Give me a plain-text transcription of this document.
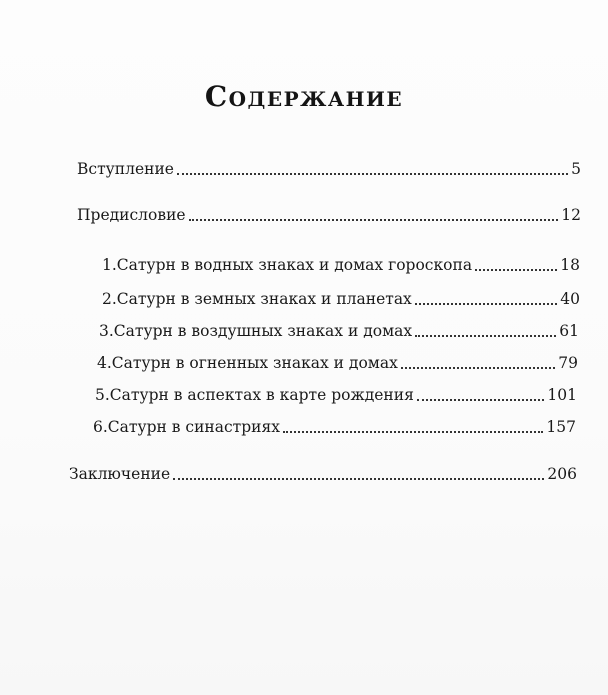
Содержание
Вступление	5
Предисловие	12
1.Сатурн в водных знаках и домах гороскопа	18
2.Сатурн в земных знаках и планетах	40
3.Сатурн в воздушных знаках и домах	61
4.Сатурн в огненных знаках и домах	79
5.Сатурн в аспектах в карте рождения	101
6.Сатурн в синастриях	157
Заключение	206
